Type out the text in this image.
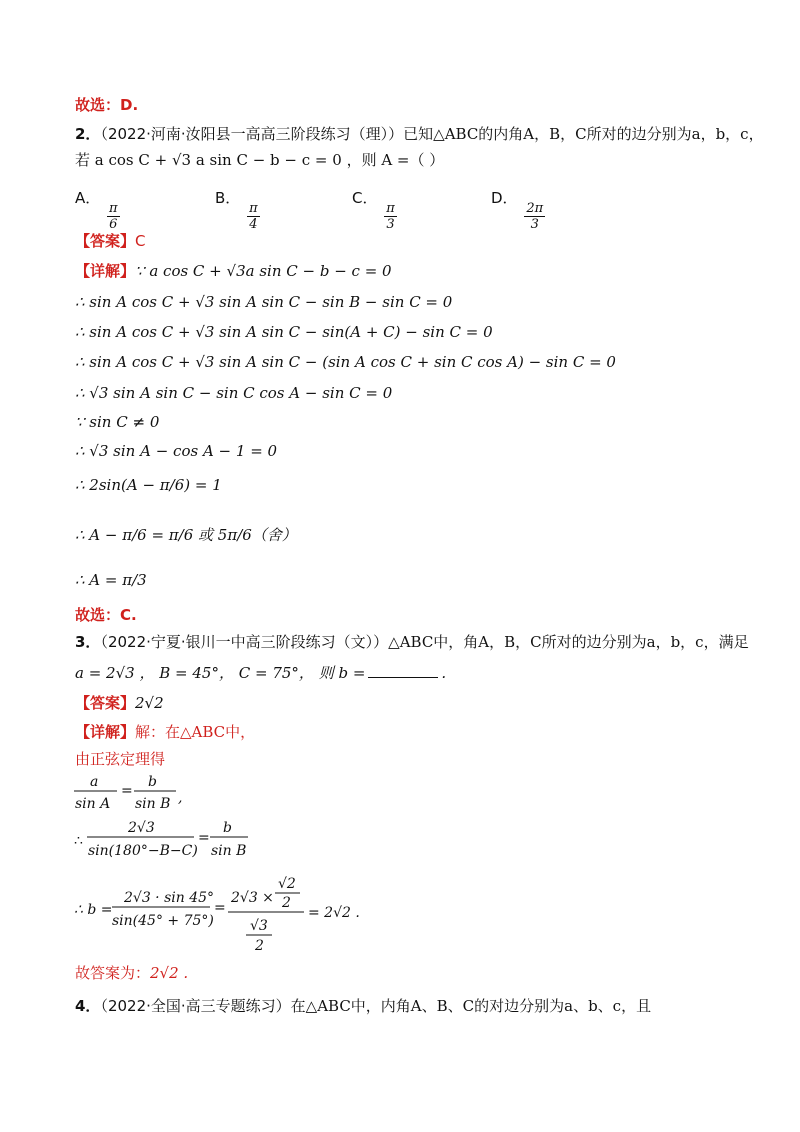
故选：D.
2．（2022·河南·汝阳县一高高三阶段练习（理））已知△ABC的内角A，B，C所对的边分别为a，b，c，
若 a cos C + √3 a sin C − b − c = 0 ，则 A =（ ）
A．
$\frac{\pi}{6}$
B．
$\frac{\pi}{4}$
C．
$\frac{\pi}{3}$
D．
$\frac{2\pi}{3}$
【答案】C
【详解】∵ a cos C + √3a sin C − b − c = 0
∴ sin A cos C + √3 sin A sin C − sin B − sin C = 0
∴ sin A cos C + √3 sin A sin C − sin(A + C) − sin C = 0
∴ sin A cos C + √3 sin A sin C − (sin A cos C + sin C cos A) − sin C = 0
∴ √3 sin A sin C − sin C cos A − sin C = 0
∵ sin C ≠ 0
∴ √3 sin A − cos A − 1 = 0
∴ 2sin(A − π/6) = 1
∴ A − π/6 = π/6 或 5π/6（舍）
∴ A = π/3
故选：C.
3．（2022·宁夏·银川一中高三阶段练习（文））△ABC中，角A，B，C所对的边分别为a，b，c，满足
a = 2√3 ， B = 45°， C = 75°， 则 b =	.
【答案】2√2
【详解】解：在△ABC中，
由正弦定理得
a
sin A
=
b
sin B ,
∴
2√3
sin(180°−B−C)
=
b
sin B
∴ b =
2√3 · sin 45°
sin(45° + 75°)
=
2√3 ×
√2
2
√3
2
= 2√2 .
故答案为：2√2 .
4．（2022·全国·高三专题练习）在△ABC中，内角A、B、C的对边分别为a、b、c，且
